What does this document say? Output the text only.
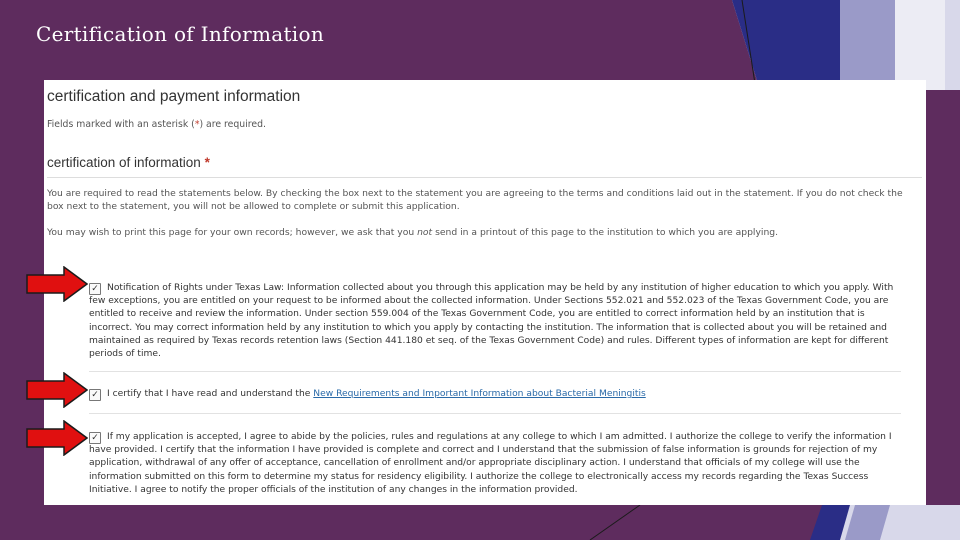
Certification of Information
certification and payment information
Fields marked with an asterisk (*) are required.
certification of information *
You are required to read the statements below. By checking the box next to the statement you are agreeing to the terms and conditions laid out in the statement. If you do not check the box next to the statement, you will not be allowed to complete or submit this application.
You may wish to print this page for your own records; however, we ask that you not send in a printout of this page to the institution to which you are applying.
✓ Notification of Rights under Texas Law: Information collected about you through this application may be held by any institution of higher education to which you apply. With few exceptions, you are entitled on your request to be informed about the collected information. Under Sections 552.021 and 552.023 of the Texas Government Code, you are entitled to receive and review the information. Under section 559.004 of the Texas Government Code, you are entitled to correct information held by an institution that is incorrect. You may correct information held by any institution to which you apply by contacting the institution. The information that is collected about you will be retained and maintained as required by Texas records retention laws (Section 441.180 et seq. of the Texas Government Code) and rules. Different types of information are kept for different periods of time.
✓ I certify that I have read and understand the New Requirements and Important Information about Bacterial Meningitis
✓ If my application is accepted, I agree to abide by the policies, rules and regulations at any college to which I am admitted. I authorize the college to verify the information I have provided. I certify that the information I have provided is complete and correct and I understand that the submission of false information is grounds for rejection of my application, withdrawal of any offer of acceptance, cancellation of enrollment and/or appropriate disciplinary action. I understand that officials of my college will use the information submitted on this form to determine my status for residency eligibility. I authorize the college to electronically access my records regarding the Texas Success Initiative. I agree to notify the proper officials of the institution of any changes in the information provided.
